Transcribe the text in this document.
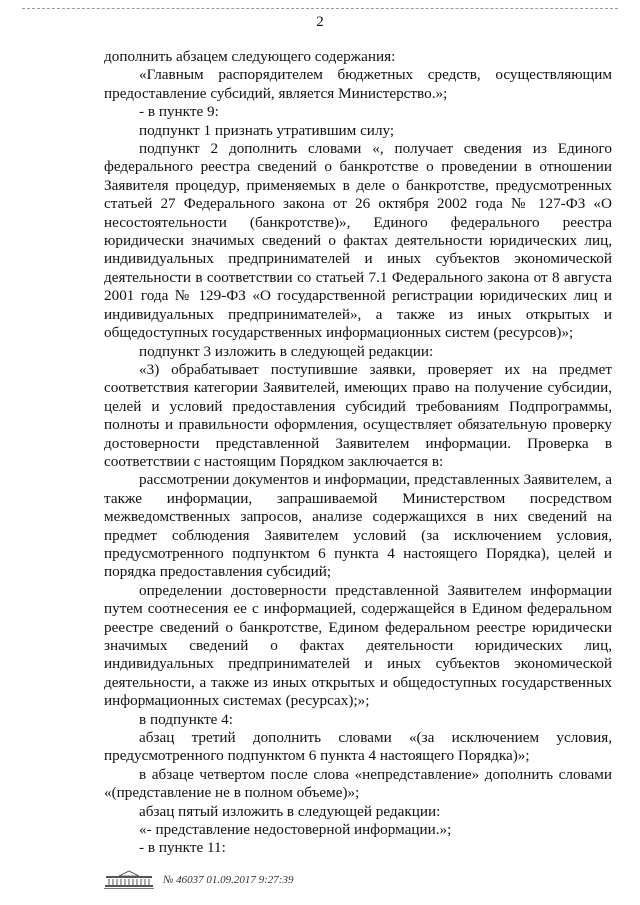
2

дополнить абзацем следующего содержания:

«Главным распорядителем бюджетных средств, осуществляющим предоставление субсидий, является Министерство.»;

- в пункте 9:

подпункт 1 признать утратившим силу;

подпункт 2 дополнить словами «, получает сведения из Единого федерального реестра сведений о банкротстве о проведении в отношении Заявителя процедур, применяемых в деле о банкротстве, предусмотренных статьей 27 Федерального закона от 26 октября 2002 года № 127-ФЗ «О несостоятельности (банкротстве)», Единого федерального реестра юридически значимых сведений о фактах деятельности юридических лиц, индивидуальных предпринимателей и иных субъектов экономической деятельности в соответствии со статьей 7.1 Федерального закона от 8 августа 2001 года № 129-ФЗ «О государственной регистрации юридических лиц и индивидуальных предпринимателей», а также из иных открытых и общедоступных государственных информационных систем (ресурсов)»;

подпункт 3 изложить в следующей редакции:

«3) обрабатывает поступившие заявки, проверяет их на предмет соответствия категории Заявителей, имеющих право на получение субсидии, целей и условий предоставления субсидий требованиям Подпрограммы, полноты и правильности оформления, осуществляет обязательную проверку достоверности представленной Заявителем информации. Проверка в соответствии с настоящим Порядком заключается в:

рассмотрении документов и информации, представленных Заявителем, а также информации, запрашиваемой Министерством посредством межведомственных запросов, анализе содержащихся в них сведений на предмет соблюдения Заявителем условий (за исключением условия, предусмотренного подпунктом 6 пункта 4 настоящего Порядка), целей и порядка предоставления субсидий;

определении достоверности представленной Заявителем информации путем соотнесения ее с информацией, содержащейся в Едином федеральном реестре сведений о банкротстве, Едином федеральном реестре юридически значимых сведений о фактах деятельности юридических лиц, индивидуальных предпринимателей и иных субъектов экономической деятельности, а также из иных открытых и общедоступных государственных информационных системах (ресурсах);»;

в подпункте 4:

абзац третий дополнить словами «(за исключением условия, предусмотренного подпунктом 6 пункта 4 настоящего Порядка)»;

в абзаце четвертом после слова «непредставление» дополнить словами «(представление не в полном объеме)»;

абзац пятый изложить в следующей редакции:

«- представление недостоверной информации.»;

- в пункте 11:

№ 46037 01.09.2017 9:27:39
